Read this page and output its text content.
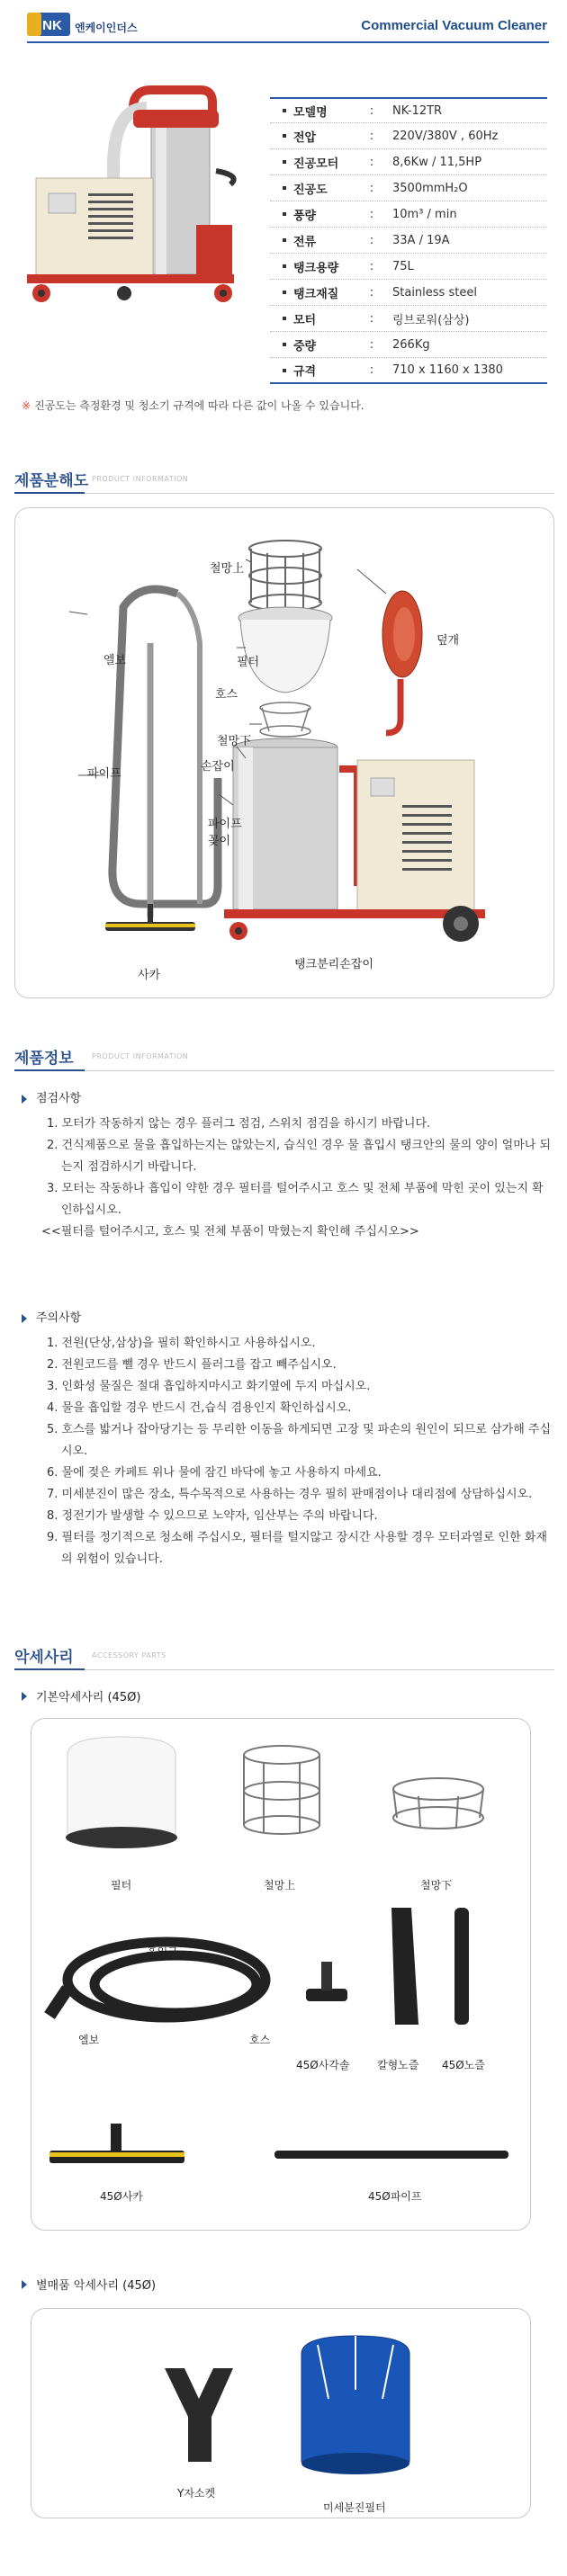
NK 엔케이인더스	Commercial Vacuum Cleaner
모델명	:	NK-12TR
전압	:	220V/380V , 60Hz
진공모터	:	8,6Kw / 11,5HP
진공도	:	3500mmH₂O
풍량	:	10m³ / min
전류	:	33A / 19A
탱크용량	:	75L
탱크재질	:	Stainless steel
모터	:	링브로워(삼상)
중량	:	266Kg
규격	:	710 x 1160 x 1380
※ 진공도는 측정환경 및 청소기 규격에 따라 다른 값이 나올 수 있습니다.
제품분해도 PRODUCT INFORMATION
철망上
덮개
엘보	필터
호스
철망下
손잡이
파이프
파이프
꽂이
사카
탱크분리손잡이
제품정보	PRODUCT INFORMATION
점검사항
1. 모터가 작동하지 않는 경우 플러그 점검, 스위치 점검을 하시기 바랍니다.
2. 건식제품으로 물을 흡입하는지는 않았는지, 습식인 경우 물 흡입시 탱크안의 물의 양이 얼마나 되는지 점검하시기 바랍니다.
3. 모터는 작동하나 흡입이 약한 경우 필터를 털어주시고 호스 및 전체 부품에 막힌 곳이 있는지 확인하십시오.
<<필터를 털어주시고, 호스 및 전체 부품이 막혔는지 확인해 주십시오>>
주의사항
1. 전원(단상,삼상)을 필히 확인하시고 사용하십시오.
2. 전원코드를 뺄 경우 반드시 플러그를 잡고 빼주십시오.
3. 인화성 물질은 절대 흡입하지마시고 화기옆에 두지 마십시오.
4. 물을 흡입할 경우 반드시 건,습식 겸용인지 확인하십시오.
5. 호스를 밟거나 잡아당기는 등 무리한 이동을 하게되면 고장 및 파손의 원인이 되므로 삼가해 주십시오.
6. 물에 젖은 카페트 위나 물에 잠긴 바닥에 놓고 사용하지 마세요.
7. 미세분진이 많은 장소, 특수목적으로 사용하는 경우 필히 판매점이나 대리점에 상담하십시오.
8. 정전기가 발생할 수 있으므로 노약자, 임산부는 주의 바랍니다.
9. 필터를 정기적으로 청소해 주십시오, 필터를 털지않고 장시간 사용할 경우 모터과열로 인한 화재의 위험이 있습니다.
악세사리	ACCESSORY PARTS
기본악세사리 (45Ø)
필터	철망上	철망下
흡입구
엘보	호스
45Ø사각솔	칼형노즐 45Ø노즐
45Ø사카	45Ø파이프
별매품 악세사리 (45Ø)
Y자소켓
미세분진필터
